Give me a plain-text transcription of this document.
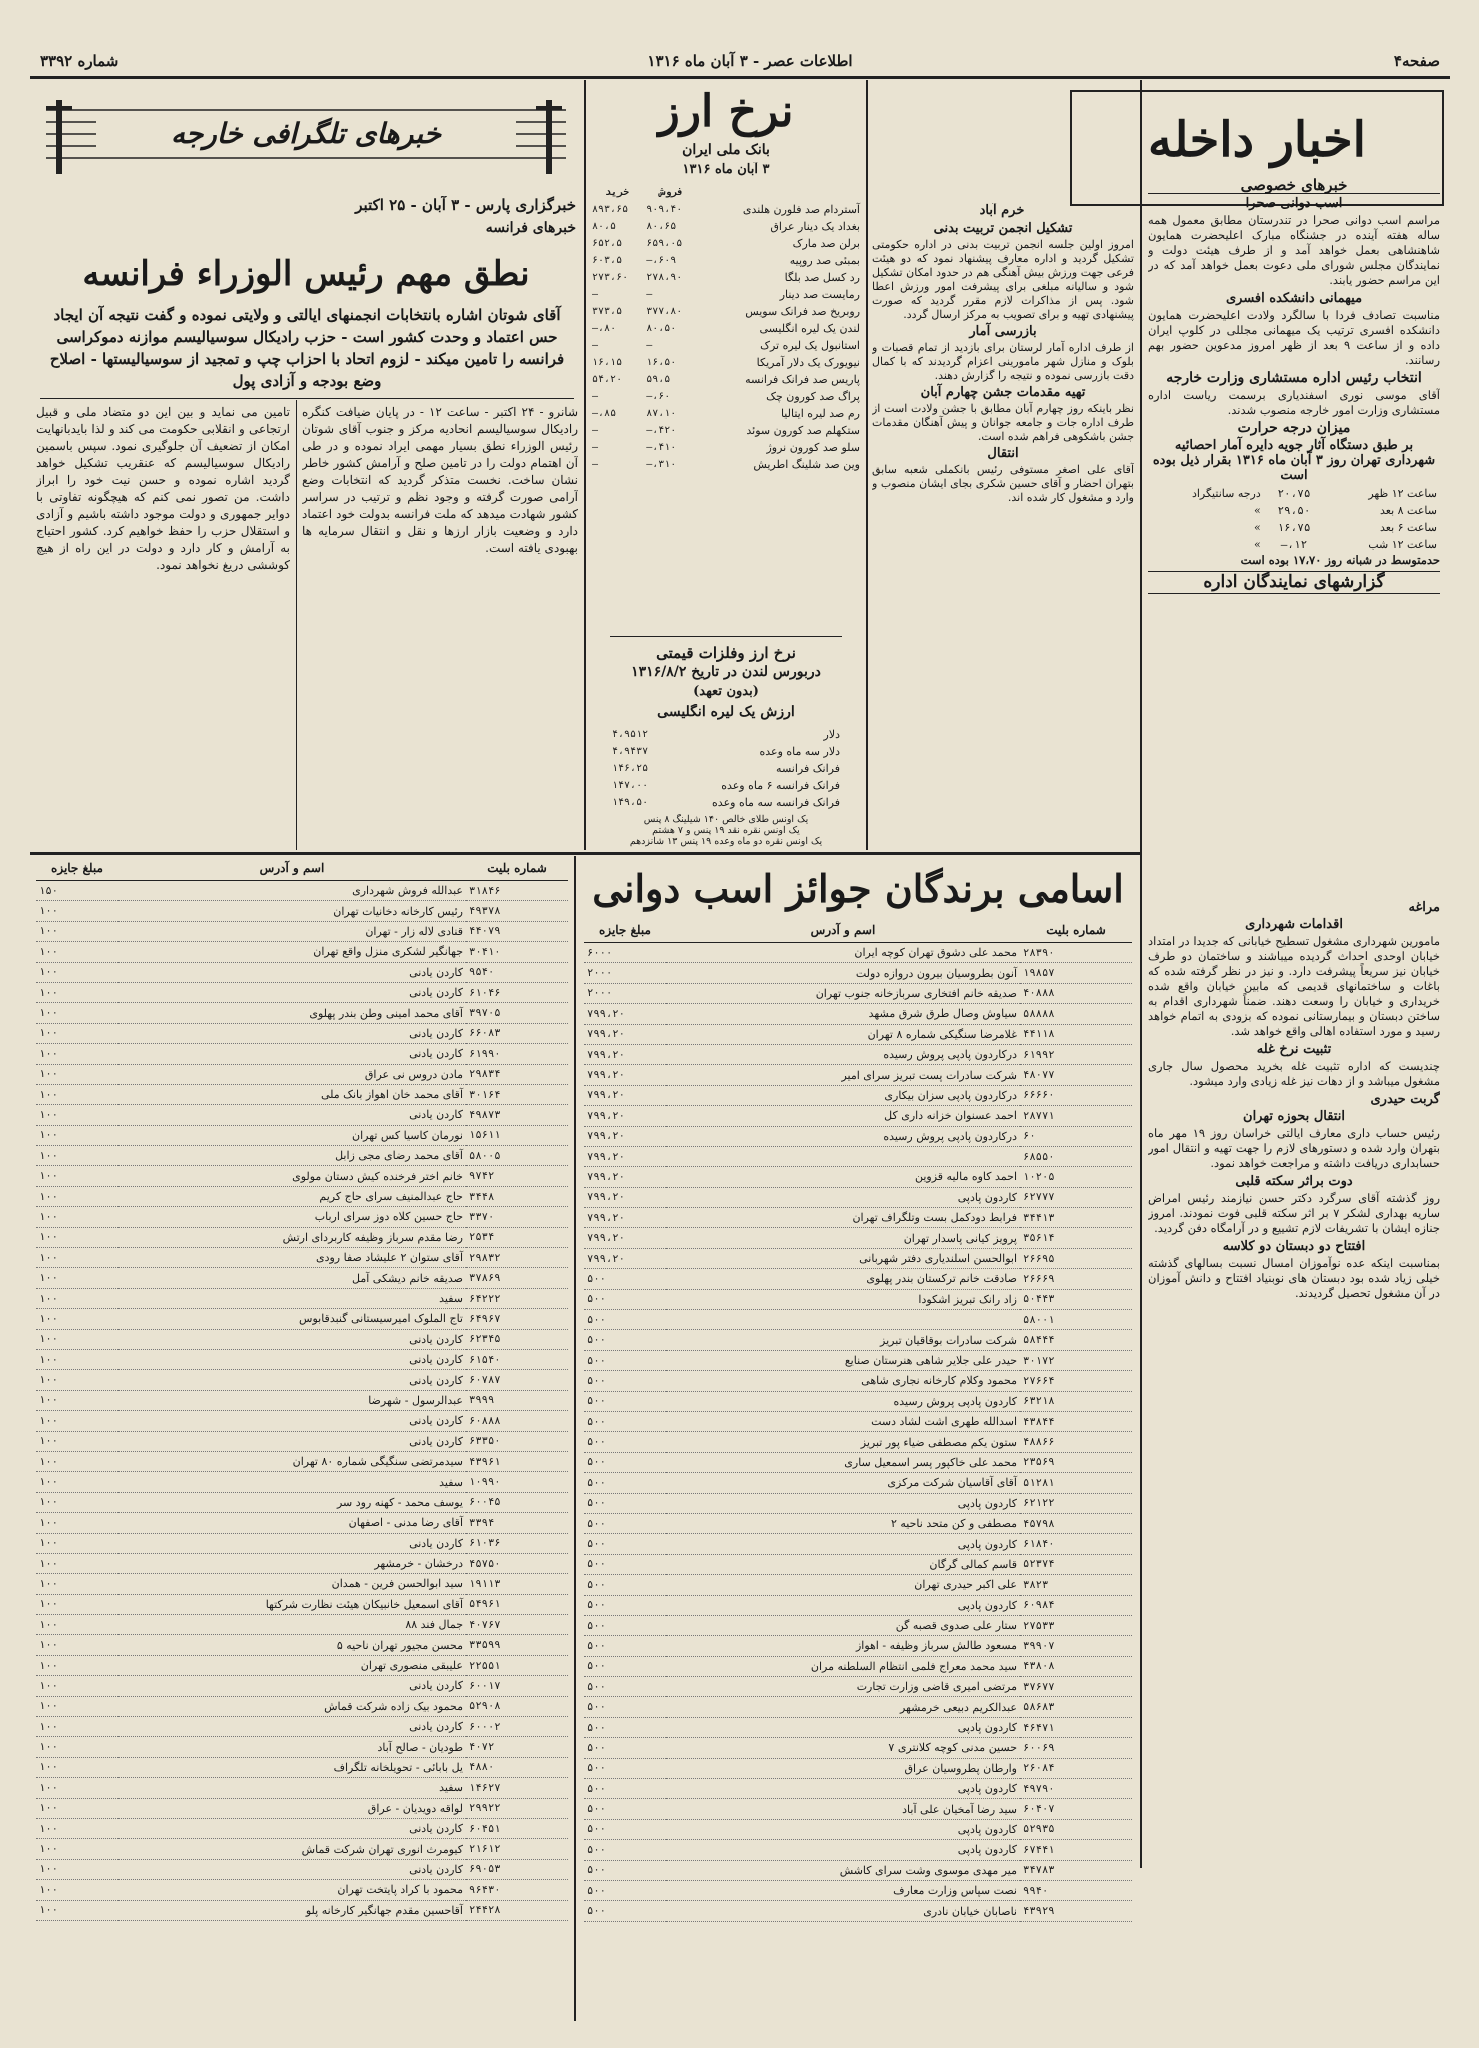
صفحه۴
اطلاعات عصر - ۳ آبان ماه ۱۳۱۶
شماره ۳۳۹۲
اخبار داخله
خرم آباد
تشکیل انجمن تربیت بدنی

امروز اولین جلسه انجمن تربیت بدنی در اداره حکومتی تشکیل گردید و اداره معارف پیشنهاد نمود که دو هیئت فرعی جهت ورزش بیش آهنگی هم در حدود امکان تشکیل شود و سالیانه مبلغی برای پیشرفت امور ورزش اعطا شود. پس از مذاکرات لازم مقرر گردید که صورت پیشنهادی تهیه و برای تصویب به مرکز ارسال گردد.

بازرسی آمار

از طرف اداره آمار لرستان برای بازدید از تمام قصبات و بلوک و منازل شهر مامورینی اعزام گردیدند که با کمال دقت بازرسی نموده و نتیجه را گزارش دهند.

تهیه مقدمات جشن چهارم آبان

نظر باینکه روز چهارم آبان مطابق با جشن ولادت است از طرف اداره جات و جامعه جوانان و پیش آهنگان مقدمات جشن باشکوهی فراهم شده است.

انتقال

آقای علی اصغر مستوفی رئیس بانکملی شعبه سابق بتهران احضار و آقای حسین شکری بجای ایشان منصوب و وارد و مشغول کار شده اند.

خبرهای خصوصی
اسب دوانی صحرا

مراسم اسب دوانی صحرا در تندرستان مطابق معمول همه ساله هفته آینده در جشنگاه مبارک اعلیحضرت همایون شاهنشاهی بعمل خواهد آمد و از طرف هیئت دولت و نمایندگان مجلس شورای ملی دعوت بعمل خواهد آمد که در این مراسم حضور یابند.

میهمانی دانشکده افسری

مناسبت تصادف فردا با سالگرد ولادت اعلیحضرت همایون دانشکده افسری ترتیب یک میهمانی مجللی در کلوپ ایران داده و از ساعت ۹ بعد از ظهر امروز مدعوین حضور بهم رسانند.

انتخاب رئیس اداره مستشاری وزارت خارجه

آقای موسی نوری اسفندیاری برسمت ریاست اداره مستشاری وزارت امور خارجه منصوب شدند.

میزان درجه حرارت
بر طبق دستگاه آثار جویه دایره آمار احصائیه شهرداری تهران روز ۳ آبان ماه ۱۳۱۶ بقرار ذیل بوده است
ساعت ۱۲ ظهر	۲۰،۷۵	درجه سانتیگراد
ساعت ۸ بعد	۲۹،۵۰	»
ساعت ۶ بعد	۱۶،۷۵	»
ساعت ۱۲ شب	۱۲،—	»

حدمتوسط در شبانه روز ۱۷،۷۰ بوده است

گزارشهای نمایندگان اداره
مراغه
اقدامات شهرداری

مامورین شهرداری مشغول تسطیح خیابانی که جدیدا در امتداد خیابان اوحدی احداث گردیده میباشند و ساختمان دو طرف خیابان نیز سریعاً پیشرفت دارد. و نیز در نظر گرفته شده که باغات و ساختمانهای قدیمی که مابین خیابان واقع شده خریداری و خیابان را وسعت دهند. ضمناً شهرداری اقدام به ساختن دبستان و بیمارستانی نموده که بزودی به اتمام خواهد رسید و مورد استفاده اهالی واقع خواهد شد.

تثبیت نرخ غله

چندیست که اداره تثبیت غله بخرید محصول سال جاری مشغول میباشد و از دهات نیز غله زیادی وارد میشود.

گربت حیدری
انتقال بحوزه تهران

رئیس حساب داری معارف ایالتی خراسان روز ۱۹ مهر ماه بتهران وارد شده و دستورهای لازم را جهت تهیه و انتقال امور حسابداری دریافت داشته و مراجعت خواهد نمود.

دوت براثر سکته قلبی

روز گذشته آقای سرگرد دکتر حسن نیازمند رئیس امراض ساریه بهداری لشکر ۷ بر اثر سکته قلبی فوت نمودند. امروز جنازه ایشان با تشریفات لازم تشییع و در آرامگاه دفن گردید.

افتتاح دو دبستان دو کلاسه

بمناسبت اینکه عده نوآموزان امسال نسبت بسالهای گذشته خیلی زیاد شده بود دبستان های نوبنیاد افتتاح و دانش آموزان در آن مشغول تحصیل گردیدند.

نرخ ارز
بانک ملی ایران
۳ آبان ماه ۱۳۱۶
	فروش	خرید
آستردام صد فلورن هلندی	۹۰۹،۴۰	۸۹۳،۶۵
بغداد یک دینار عراق	۸۰،۶۵	۸۰،۵
برلن صد مارک	۶۵۹،۰۵	۶۵۲،۵
بمبئی صد روپیه	۶۰۹،—	۶۰۳،۵
رد کسل صد بلگا	۲۷۸،۹۰	۲۷۳،۶۰
رمایست صد دینار	—	—
روبریخ صد فرانک سویس	۳۷۷،۸۰	۳۷۳،۵
لندن یک لیره انگلیسی	۸۰،۵۰	۸۰،—
استانبول یک لیره ترک	—	—
نیویورک یک دلار آمریکا	۱۶،۵۰	۱۶،۱۵
پاریس صد فرانک فرانسه	۵۹،۵	۵۴،۲۰
پراگ صد کورون چک	۶۰،—	—
رم صد لیره ایتالیا	۸۷،۱۰	۸۵،—
ستکهلم صد کورون سوئد	۴۲۰،—	—
سلو صد کورون نروژ	۴۱۰،—	—
وین صد شلینگ اطریش	۳۱۰،—	—
نرخ ارز وفلزات قیمتی
دربورس لندن در تاریخ ۱۳۱۶/۸/۲
(بدون تعهد)
ارزش یک لیره انگلیسی
دلار	۴،۹۵۱۲
دلار سه ماه وعده	۴،۹۴۳۷
فرانک فرانسه	۱۴۶،۲۵
فرانک فرانسه ۶ ماه وعده	۱۴۷،۰۰
فرانک فرانسه سه ماه وعده	۱۴۹،۵۰
یک اونس طلای خالص ۱۴۰ شیلینگ ۸ پنس
یک اونس نقره نقد ۱۹ پنس و ۷ هشتم
یک اونس نقره دو ماه وعده ۱۹ پنس ۱۳ شانزدهم
خبرهای تلگرافی خارجه
خبرگزاری پارس - ۳ آبان - ۲۵ اکتبر
خبرهای فرانسه
نطق مهم رئیس الوزراء فرانسه
آقای شوتان اشاره بانتخابات انجمنهای ایالتی و ولایتی نموده و گفت نتیجه آن ایجاد حس اعتماد و وحدت کشور است - حزب رادیکال سوسیالیسم موازنه دموکراسی فرانسه را تامین میکند - لزوم اتحاد با احزاب چپ و تمجید از سوسیالیستها - اصلاح وضع بودجه و آزادی پول
شانرو - ۲۴ اکتبر - ساعت ۱۲ - در پایان ضیافت کنگره رادیکال سوسیالیسم انحادیه مرکز و جنوب آقای شوتان رئیس الوزراء نطق بسیار مهمی ایراد نموده و در طی آن اهتمام دولت را در تامین صلح و آرامش کشور خاطر نشان ساخت. نخست متذکر گردید که انتخابات وضع آرامی صورت گرفته و وجود نظم و ترتیب در سراسر کشور شهادت میدهد که ملت فرانسه بدولت خود اعتماد دارد و وضعیت بازار ارزها و نقل و انتقال سرمایه ها بهبودی یافته است.
تامین می نماید و بین این دو متضاد ملی و قبیل ارتجاعی و انقلابی حکومت می کند و لذا بایدبانهایت امکان از تضعیف آن جلوگیری نمود. سپس باسمین رادیکال سوسیالیسم که عنقریب تشکیل خواهد گردید اشاره نموده و حسن نیت خود را ابراز داشت. من تصور نمی کنم که هیچگونه تفاوتی با دوایر جمهوری و دولت موجود داشته باشیم و آزادی و استقلال حزب را حفظ خواهیم کرد. کشور احتیاج به آرامش و کار دارد و دولت در این راه از هیچ کوششی دریغ نخواهد نمود.
اسامی برندگان جوائز اسب دوانی
شماره بلیت	اسم و آدرس	مبلغ جایزه
۲۸۳۹۰	محمد علی دشوق تهران کوچه ایران	۶۰۰۰
۱۹۸۵۷	آنون بطروسیان بیرون دروازه دولت	۲۰۰۰
۴۰۸۸۸	صدیقه خانم افتخاری سربازخانه جنوب تهران	۲۰۰۰
۵۸۸۸۸	سیاوش وصال طرق شرق مشهد	۷۹۹،۲۰
۴۴۱۱۸	غلامرضا سنگیکی شماره ۸ تهران	۷۹۹،۲۰
۶۱۹۹۲	درکاردون پادپی پروش رسیده	۷۹۹،۲۰
۴۸۰۷۷	شرکت سادرات پست تبریز سرای امیر	۷۹۹،۲۰
۶۶۶۶۰	درکاردون پادپی سزان بیکاری	۷۹۹،۲۰
۲۸۷۷۱	احمد عسنوان خزانه داری کل	۷۹۹،۲۰
۶۰	درکاردون پادپی پروش رسیده	۷۹۹،۲۰
۶۸۵۵۰		۷۹۹،۲۰
۱۰۲۰۵	احمد کاوه مالیه قزوین	۷۹۹،۲۰
۶۲۷۷۷	کاردون پادپی	۷۹۹،۲۰
۳۴۴۱۳	فرابط دودکمل بست وتلگراف تهران	۷۹۹،۲۰
۳۵۶۱۴	پرویز کیانی پاسدار تهران	۷۹۹،۲۰
۲۶۶۹۵	ابوالحسن اسلندیاری دفتر شهربانی	۷۹۹،۲۰
۲۶۶۶۹	صادقت خانم ترکستان بندر پهلوی	۵۰۰
۵۰۴۴۳	زاد رانک تبریز اشکودا	۵۰۰
۵۸۰۰۱		۵۰۰
۵۸۴۴۴	شرکت سادرات بوقاقیان تبریز	۵۰۰
۳۰۱۷۲	حیدر علی جلایر شاهی هنرستان صنایع	۵۰۰
۲۷۶۶۴	محمود وکلام کارخانه نجاری شاهی	۵۰۰
۶۳۲۱۸	کاردون پادپی پروش رسیده	۵۰۰
۴۳۸۴۴	اسدالله طهری اشت لشاد دست	۵۰۰
۴۸۸۶۶	ستون یکم مصطفی ضیاء پور تبریز	۵۰۰
۲۳۵۶۹	محمد علی خاکپور پسر اسمعیل ساری	۵۰۰
۵۱۲۸۱	آقای آقاسیان شرکت مرکزی	۵۰۰
۶۲۱۲۲	کاردون پادپی	۵۰۰
۴۵۷۹۸	مصطفی و کن متحد ناحیه ۲	۵۰۰
۶۱۸۴۰	کاردون پادپی	۵۰۰
۵۲۳۷۴	قاسم کمالی گرگان	۵۰۰
۳۸۲۳	علی اکبر حیدری تهران	۵۰۰
۶۰۹۸۴	کاردون پادپی	۵۰۰
۲۷۵۳۳	ستار علی صدوی قصبه گن	۵۰۰
۳۹۹۰۷	مسعود طالش سرباز وظیفه - اهواز	۵۰۰
۴۳۸۰۸	سید محمد معراج فلمی انتظام السلطنه مران	۵۰۰
۳۷۶۷۷	مرتضی امیری قاضی وزارت تجارت	۵۰۰
۵۸۶۸۳	عبدالکریم دبیعی خرمشهر	۵۰۰
۴۶۴۷۱	کاردون پادپی	۵۰۰
۶۰۰۶۹	حسین مدنی کوچه کلانتری ۷	۵۰۰
۲۶۰۸۴	وارطان پطروسیان عراق	۵۰۰
۴۹۷۹۰	کاردون پادپی	۵۰۰
۶۰۴۰۷	سید رضا آمخیان علی آباد	۵۰۰
۵۲۹۳۵	کاردون پادپی	۵۰۰
۶۷۴۴۱	کاردون پادپی	۵۰۰
۳۴۷۸۳	میر مهدی موسوی وشت سرای کاشش	۵۰۰
۹۹۴۰	نصت سپاس وزارت معارف	۵۰۰
۴۳۹۲۹	ناصابان خیابان نادری	۵۰۰
شماره بلیت	اسم و آدرس	مبلغ جایزه
۳۱۸۴۶	عبدالله فروش شهرداری	۱۵۰
۴۹۳۷۸	رئیس کارخانه دخانیات تهران	۱۰۰
۴۴۰۷۹	قنادی لاله زار - تهران	۱۰۰
۳۰۴۱۰	جهانگیر لشکری منزل واقع تهران	۱۰۰
۹۵۴۰	کاردن یادنی	۱۰۰
۶۱۰۴۶	کاردن یادنی	۱۰۰
۳۹۷۰۵	آقای محمد امینی وطن بندر پهلوی	۱۰۰
۶۶۰۸۳	کاردن یادنی	۱۰۰
۶۱۹۹۰	کاردن یادنی	۱۰۰
۲۹۸۳۴	مادن دروس نی عراق	۱۰۰
۳۰۱۶۴	آقای محمد خان اهواز بانک ملی	۱۰۰
۴۹۸۷۳	کاردن یادنی	۱۰۰
۱۵۶۱۱	نورمان کاسیا کس تهران	۱۰۰
۵۸۰۰۵	آقای محمد رضای مجی زابل	۱۰۰
۹۷۴۲	خانم اختر فرخنده کیش دستان مولوی	۱۰۰
۳۴۴۸	حاج عبدالمنیف سرای حاج کریم	۱۰۰
۳۳۷۰	حاج حسین کلاه دوز سرای ارباب	۱۰۰
۲۵۳۴	رضا مقدم سرباز وظیفه کاربردای ارتش	۱۰۰
۲۹۸۳۲	آقای ستوان ۲ علیشاد صفا رودی	۱۰۰
۳۷۸۶۹	صدیقه خانم دیشکی آمل	۱۰۰
۶۴۲۲۲	سفید	۱۰۰
۶۴۹۶۷	تاج الملوک امیرسیستانی گنبدقابوس	۱۰۰
۶۲۳۴۵	کاردن یادنی	۱۰۰
۶۱۵۴۰	کاردن یادنی	۱۰۰
۶۰۷۸۷	کاردن یادنی	۱۰۰
۳۹۹۹	عبدالرسول - شهرضا	۱۰۰
۶۰۸۸۸	کاردن یادنی	۱۰۰
۶۳۳۵۰	کاردن یادنی	۱۰۰
۴۳۹۶۱	سیدمرتضی سنگیگی شماره ۸۰ تهران	۱۰۰
۱۰۹۹۰	سفید	۱۰۰
۶۰۰۴۵	یوسف محمد - کهنه رود سر	۱۰۰
۳۳۹۴	آقای رضا مدنی - اصفهان	۱۰۰
۶۱۰۳۶	کاردن یادنی	۱۰۰
۴۵۷۵۰	درخشان - خرمشهر	۱۰۰
۱۹۱۱۳	سید ابوالحسن فرین - همدان	۱۰۰
۵۴۹۶۱	آقای اسمعیل خانبیکان هیئت نظارت شرکتها	۱۰۰
۴۰۷۶۷	جمال فند ۸۸	۱۰۰
۳۳۵۹۹	محسن مجیور تهران ناحیه ۵	۱۰۰
۲۲۵۵۱	علیبقی منصوری تهران	۱۰۰
۶۰۰۱۷	کاردن یادنی	۱۰۰
۵۲۹۰۸	محمود بیک زاده شرکت قماش	۱۰۰
۶۰۰۰۲	کاردن یادنی	۱۰۰
۴۰۷۲	طودیان - صالح آباد	۱۰۰
۴۸۸۰	یل بابائی - تحویلخانه تلگراف	۱۰۰
۱۴۶۲۷	سفید	۱۰۰
۲۹۹۲۲	لواقه دویدیان - عراق	۱۰۰
۶۰۴۵۱	کاردن یادنی	۱۰۰
۲۱۶۱۲	کیومرث انوری تهران شرکت قماش	۱۰۰
۶۹۰۵۳	کاردن یادنی	۱۰۰
۹۶۴۳۰	محمود با کراد پایتخت تهران	۱۰۰
۲۴۴۲۸	آقاحسین مقدم جهانگیر کارخانه پلو	۱۰۰
